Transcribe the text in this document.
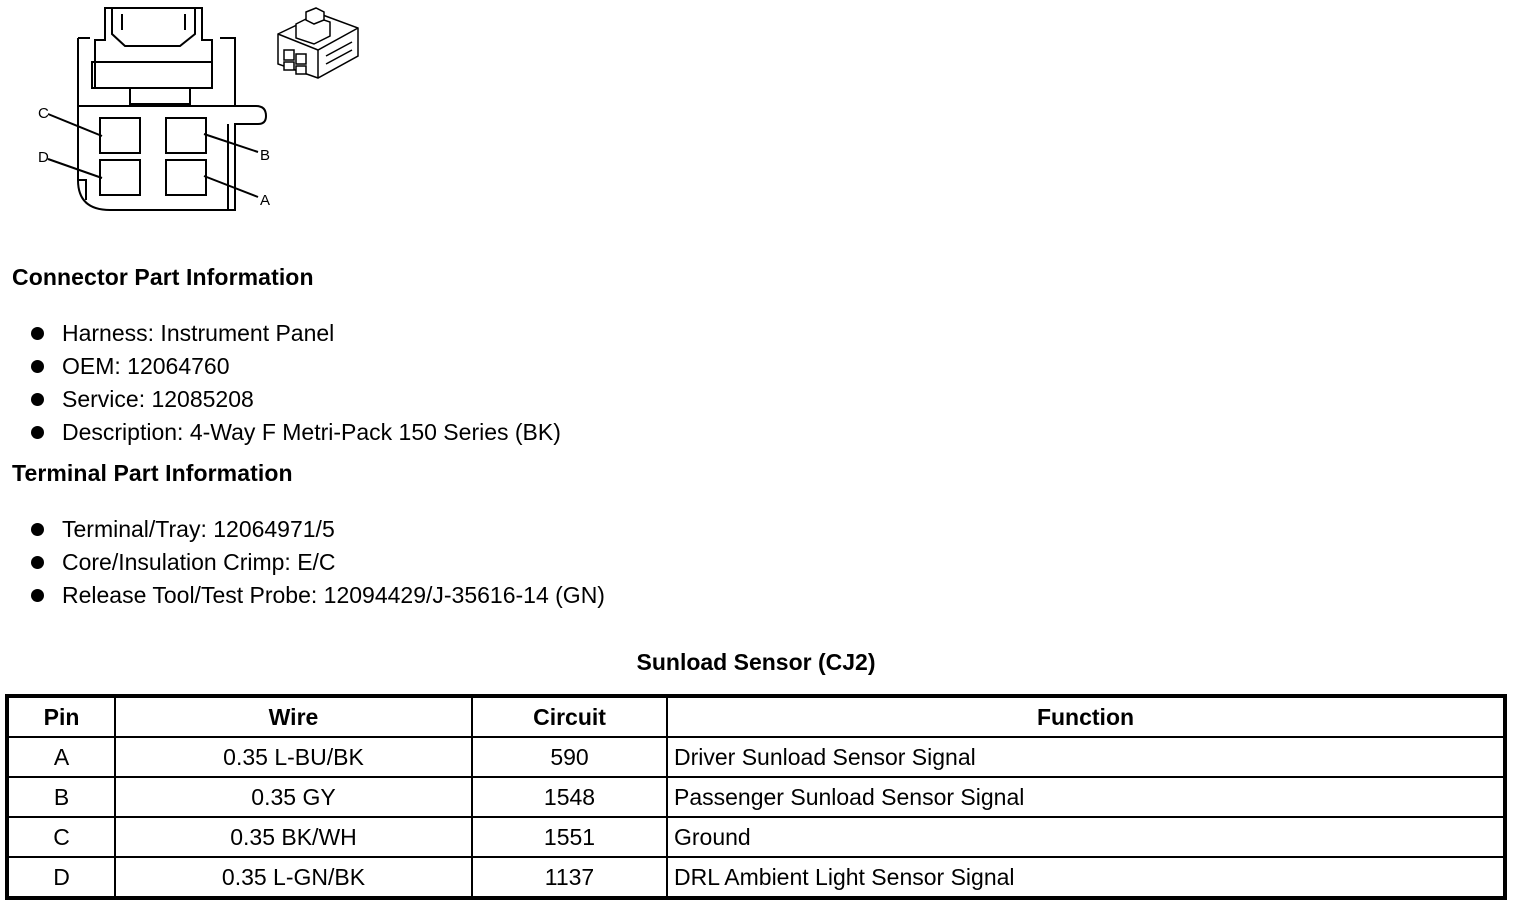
C
D	B
A
Connector Part Information
Harness: Instrument Panel
OEM: 12064760
Service: 12085208
Description: 4-Way F Metri-Pack 150 Series (BK)
Terminal Part Information
Terminal/Tray: 12064971/5
Core/Insulation Crimp: E/C
Release Tool/Test Probe: 12094429/J-35616-14 (GN)
Sunload Sensor (CJ2)
Pin	Wire	Circuit	Function
A	0.35 L-BU/BK	590	Driver Sunload Sensor Signal
B	0.35 GY	1548	Passenger Sunload Sensor Signal
C	0.35 BK/WH	1551	Ground
D	0.35 L-GN/BK	1137	DRL Ambient Light Sensor Signal
